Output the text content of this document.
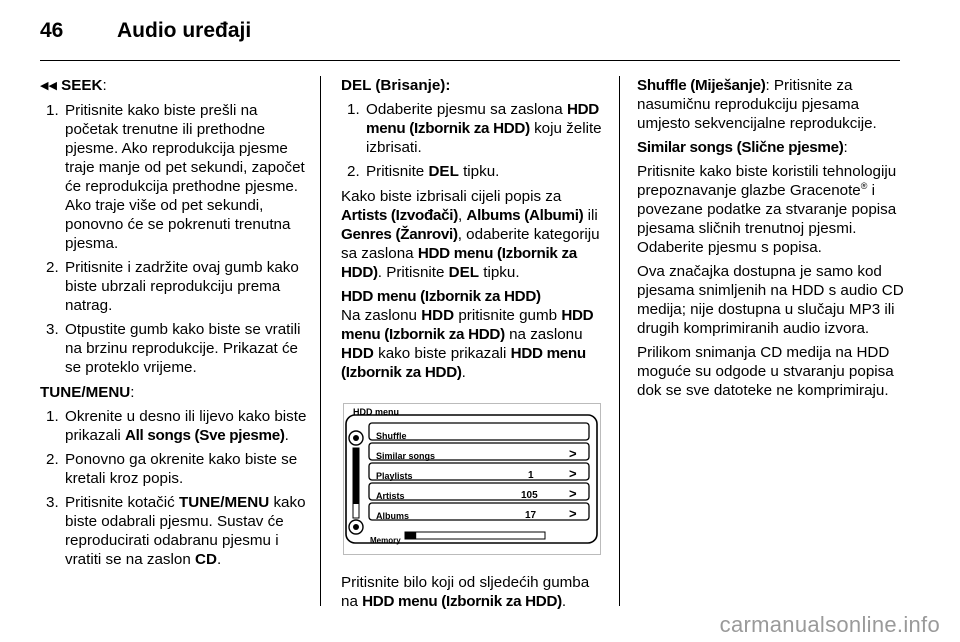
46	Audio uređaji

◀◀ SEEK:

1. Pritisnite kako biste prešli na početak trenutne ili prethodne pjesme. Ako reprodukcija pjesme traje manje od pet sekundi, započet će reprodukcija prethodne pjesme. Ako traje više od pet sekundi, ponovno će se pokrenuti trenutna pjesma.
2. Pritisnite i zadržite ovaj gumb kako biste ubrzali reprodukciju prema natrag.
3. Otpustite gumb kako biste se vratili na brzinu reprodukcije. Prikazat će se proteklo vrijeme.

TUNE/MENU:

1. Okrenite u desno ili lijevo kako biste prikazali All songs (Sve pjesme).
2. Ponovno ga okrenite kako biste se kretali kroz popis.
3. Pritisnite kotačić TUNE/MENU kako biste odabrali pjesmu. Sustav će reproducirati odabranu pjesmu i vratiti se na zaslon CD.

DEL (Brisanje):

1. Odaberite pjesmu sa zaslona HDD menu (Izbornik za HDD) koju želite izbrisati.
2. Pritisnite DEL tipku.

Kako biste izbrisali cijeli popis za Artists (Izvođači), Albums (Albumi) ili Genres (Žanrovi), odaberite kategoriju sa zaslona HDD menu (Izbornik za HDD). Pritisnite DEL tipku.

HDD menu (Izbornik za HDD)
Na zaslonu HDD pritisnite gumb HDD menu (Izbornik za HDD) na zaslonu HDD kako biste prikazali HDD menu (Izbornik za HDD).

HDD menu
Shuffle
Similar songs	>
Playlists	1	>
Artists	105 >
Albums	17	>
Memory

Pritisnite bilo koji od sljedećih gumba na HDD menu (Izbornik za HDD).

Shuffle (Miješanje): Pritisnite za nasumičnu reprodukciju pjesama umjesto sekvencijalne reprodukcije.

Similar songs (Slične pjesme):

Pritisnite kako biste koristili tehnologiju prepoznavanje glazbe Gracenote® i povezane podatke za stvaranje popisa pjesama sličnih trenutnoj pjesmi. Odaberite pjesmu s popisa.

Ova značajka dostupna je samo kod pjesama snimljenih na HDD s audio CD medija; nije dostupna u slučaju MP3 ili drugih komprimiranih audio izvora.

Prilikom snimanja CD medija na HDD moguće su odgode u stvaranju popisa dok se sve datoteke ne komprimiraju.

carmanualsonline.info
